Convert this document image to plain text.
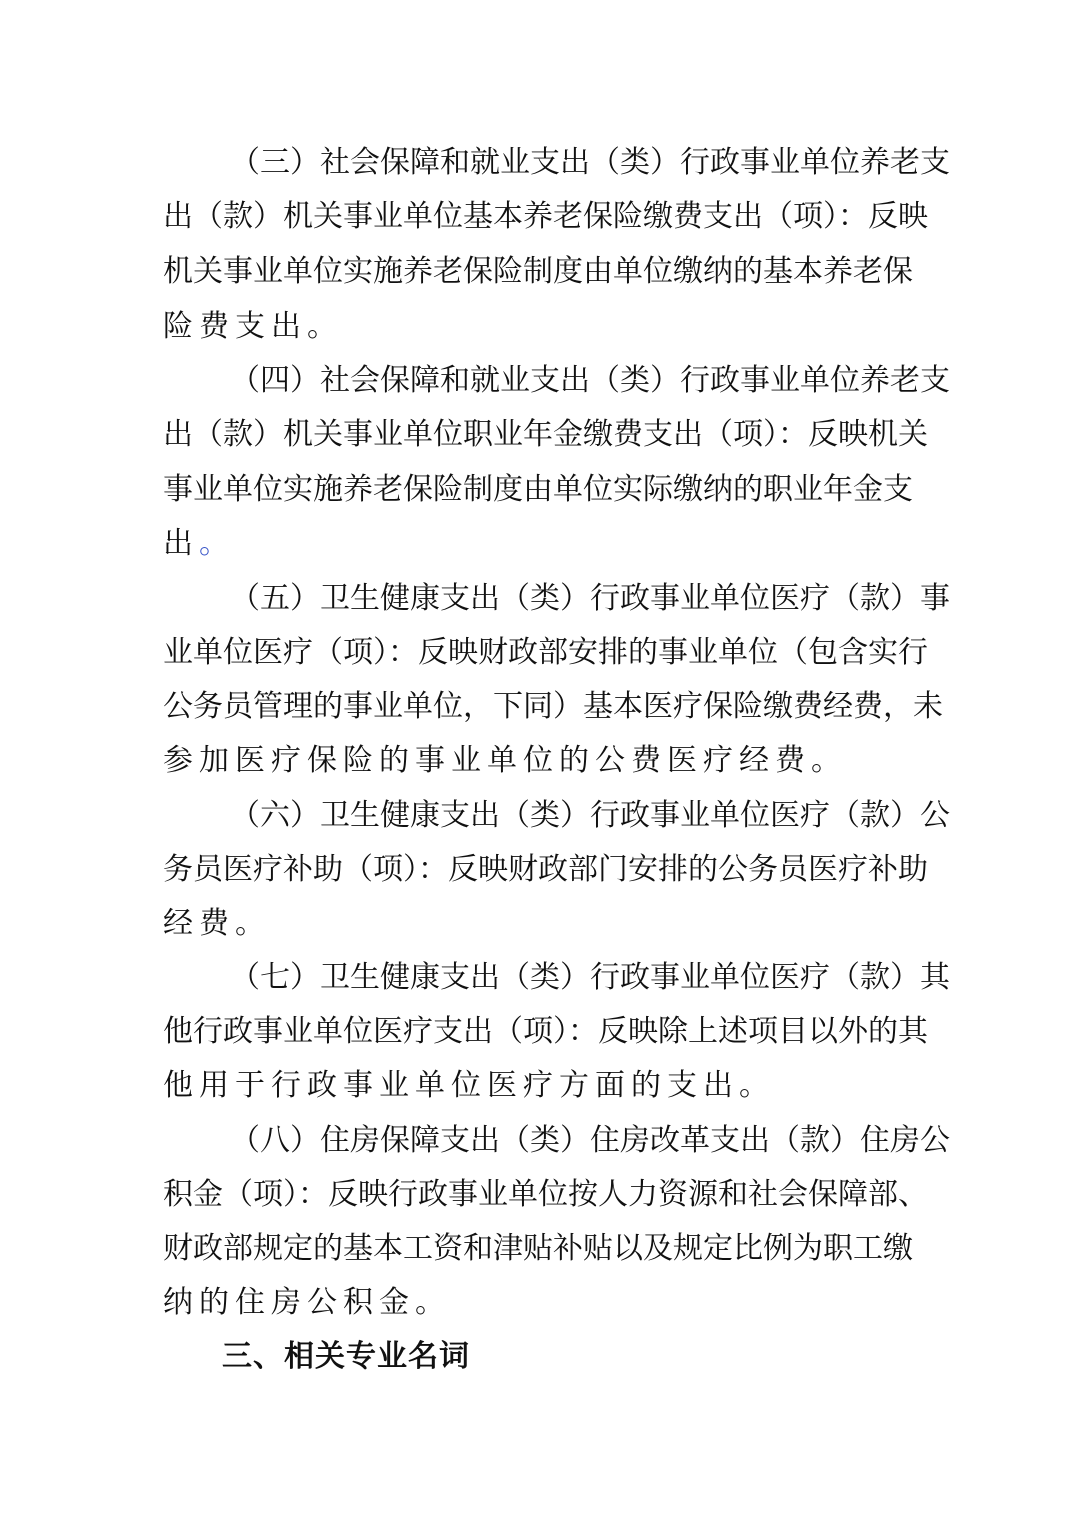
（三）社会保障和就业支出（类）行政事业单位养老支
出（款）机关事业单位基本养老保险缴费支出（项）：反映
机关事业单位实施养老保险制度由单位缴纳的基本养老保
险费支出。
（四）社会保障和就业支出（类）行政事业单位养老支
出（款）机关事业单位职业年金缴费支出（项）：反映机关
事业单位实施养老保险制度由单位实际缴纳的职业年金支
出。
（五）卫生健康支出（类）行政事业单位医疗（款）事
业单位医疗（项）：反映财政部安排的事业单位（包含实行
公务员管理的事业单位，下同）基本医疗保险缴费经费，未
参加医疗保险的事业单位的公费医疗经费。
（六）卫生健康支出（类）行政事业单位医疗（款）公
务员医疗补助（项）：反映财政部门安排的公务员医疗补助
经费。
（七）卫生健康支出（类）行政事业单位医疗（款）其
他行政事业单位医疗支出（项）：反映除上述项目以外的其
他用于行政事业单位医疗方面的支出。
（八）住房保障支出（类）住房改革支出（款）住房公
积金（项）：反映行政事业单位按人力资源和社会保障部、
财政部规定的基本工资和津贴补贴以及规定比例为职工缴
纳的住房公积金。
三、相关专业名词
